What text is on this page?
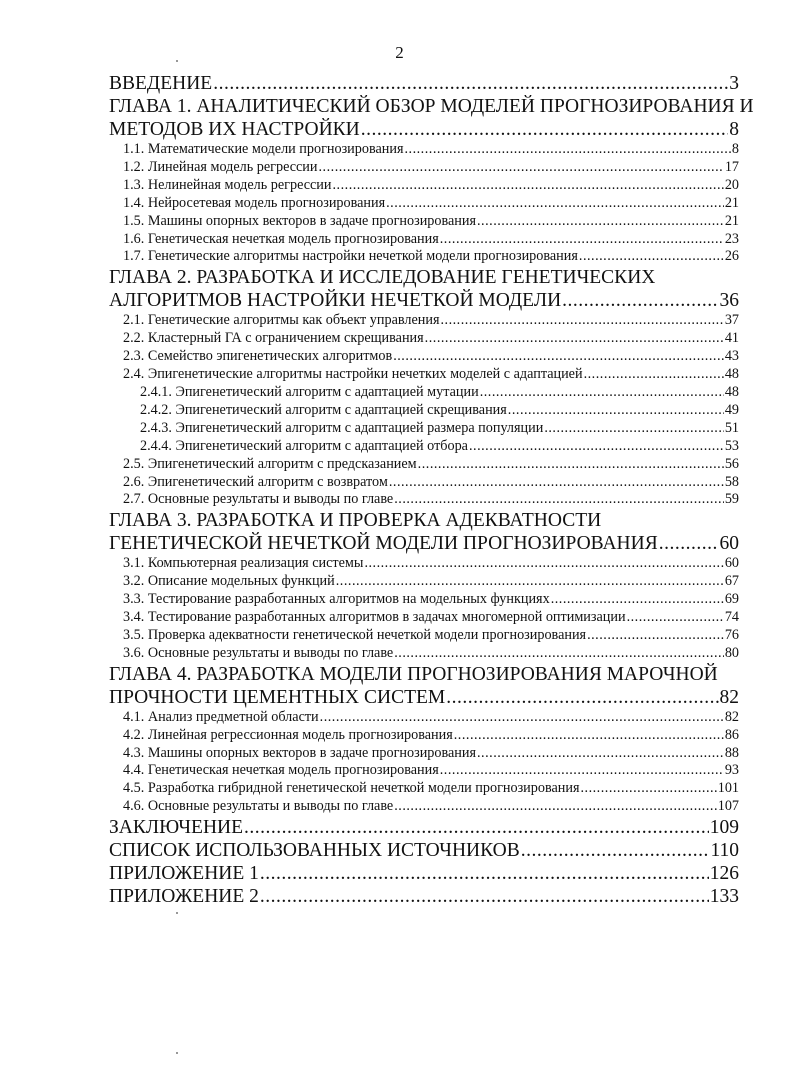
2
ВВЕДЕНИЕ .....	3
ГЛАВА 1. АНАЛИТИЧЕСКИЙ ОБЗОР МОДЕЛЕЙ ПРОГНОЗИРОВАНИЯ И
МЕТОДОВ ИХ НАСТРОЙКИ .....	8
1.1. Математические модели прогнозирования .....	8
1.2. Линейная модель регрессии .....	17
1.3. Нелинейная модель регрессии .....	20
1.4. Нейросетевая модель прогнозирования .....	21
1.5. Машины опорных векторов в задаче прогнозирования .....	21
1.6. Генетическая нечеткая модель прогнозирования .....	23
1.7. Генетические алгоритмы настройки нечеткой модели прогнозирования .....	26
ГЛАВА 2. РАЗРАБОТКА И ИССЛЕДОВАНИЕ ГЕНЕТИЧЕСКИХ
АЛГОРИТМОВ НАСТРОЙКИ НЕЧЕТКОЙ МОДЕЛИ .....	36
2.1. Генетические алгоритмы как объект управления .....	37
2.2. Кластерный ГА с ограничением скрещивания .....	41
2.3. Семейство эпигенетических алгоритмов .....	43
2.4. Эпигенетические алгоритмы настройки нечетких моделей с адаптацией .....	48
2.4.1. Эпигенетический алгоритм с адаптацией мутации .....	48
2.4.2. Эпигенетический алгоритм с адаптацией скрещивания .....	49
2.4.3. Эпигенетический алгоритм с адаптацией размера популяции .....	51
2.4.4. Эпигенетический алгоритм с адаптацией отбора .....	53
2.5. Эпигенетический алгоритм с предсказанием .....	56
2.6. Эпигенетический алгоритм с возвратом .....	58
2.7. Основные результаты и выводы по главе .....	59
ГЛАВА 3. РАЗРАБОТКА И ПРОВЕРКА АДЕКВАТНОСТИ
ГЕНЕТИЧЕСКОЙ НЕЧЕТКОЙ МОДЕЛИ ПРОГНОЗИРОВАНИЯ .....	60
3.1. Компьютерная реализация системы .....	60
3.2. Описание модельных функций .....	67
3.3. Тестирование разработанных алгоритмов на модельных функциях .....	69
3.4. Тестирование разработанных алгоритмов в задачах многомерной оптимизации .....	74
3.5. Проверка адекватности генетической нечеткой модели прогнозирования .....	76
3.6. Основные результаты и выводы по главе .....	80
ГЛАВА 4. РАЗРАБОТКА МОДЕЛИ ПРОГНОЗИРОВАНИЯ МАРОЧНОЙ
ПРОЧНОСТИ ЦЕМЕНТНЫХ СИСТЕМ .....	82
4.1. Анализ предметной области .....	82
4.2. Линейная регрессионная модель прогнозирования .....	86
4.3. Машины опорных векторов в задаче прогнозирования .....	88
4.4. Генетическая нечеткая модель прогнозирования .....	93
4.5. Разработка гибридной генетической нечеткой модели прогнозирования .....	101
4.6. Основные результаты и выводы по главе .....	107
ЗАКЛЮЧЕНИЕ .....	109
СПИСОК ИСПОЛЬЗОВАННЫХ ИСТОЧНИКОВ .....	110
ПРИЛОЖЕНИЕ 1 .....	126
ПРИЛОЖЕНИЕ 2 .....	133
